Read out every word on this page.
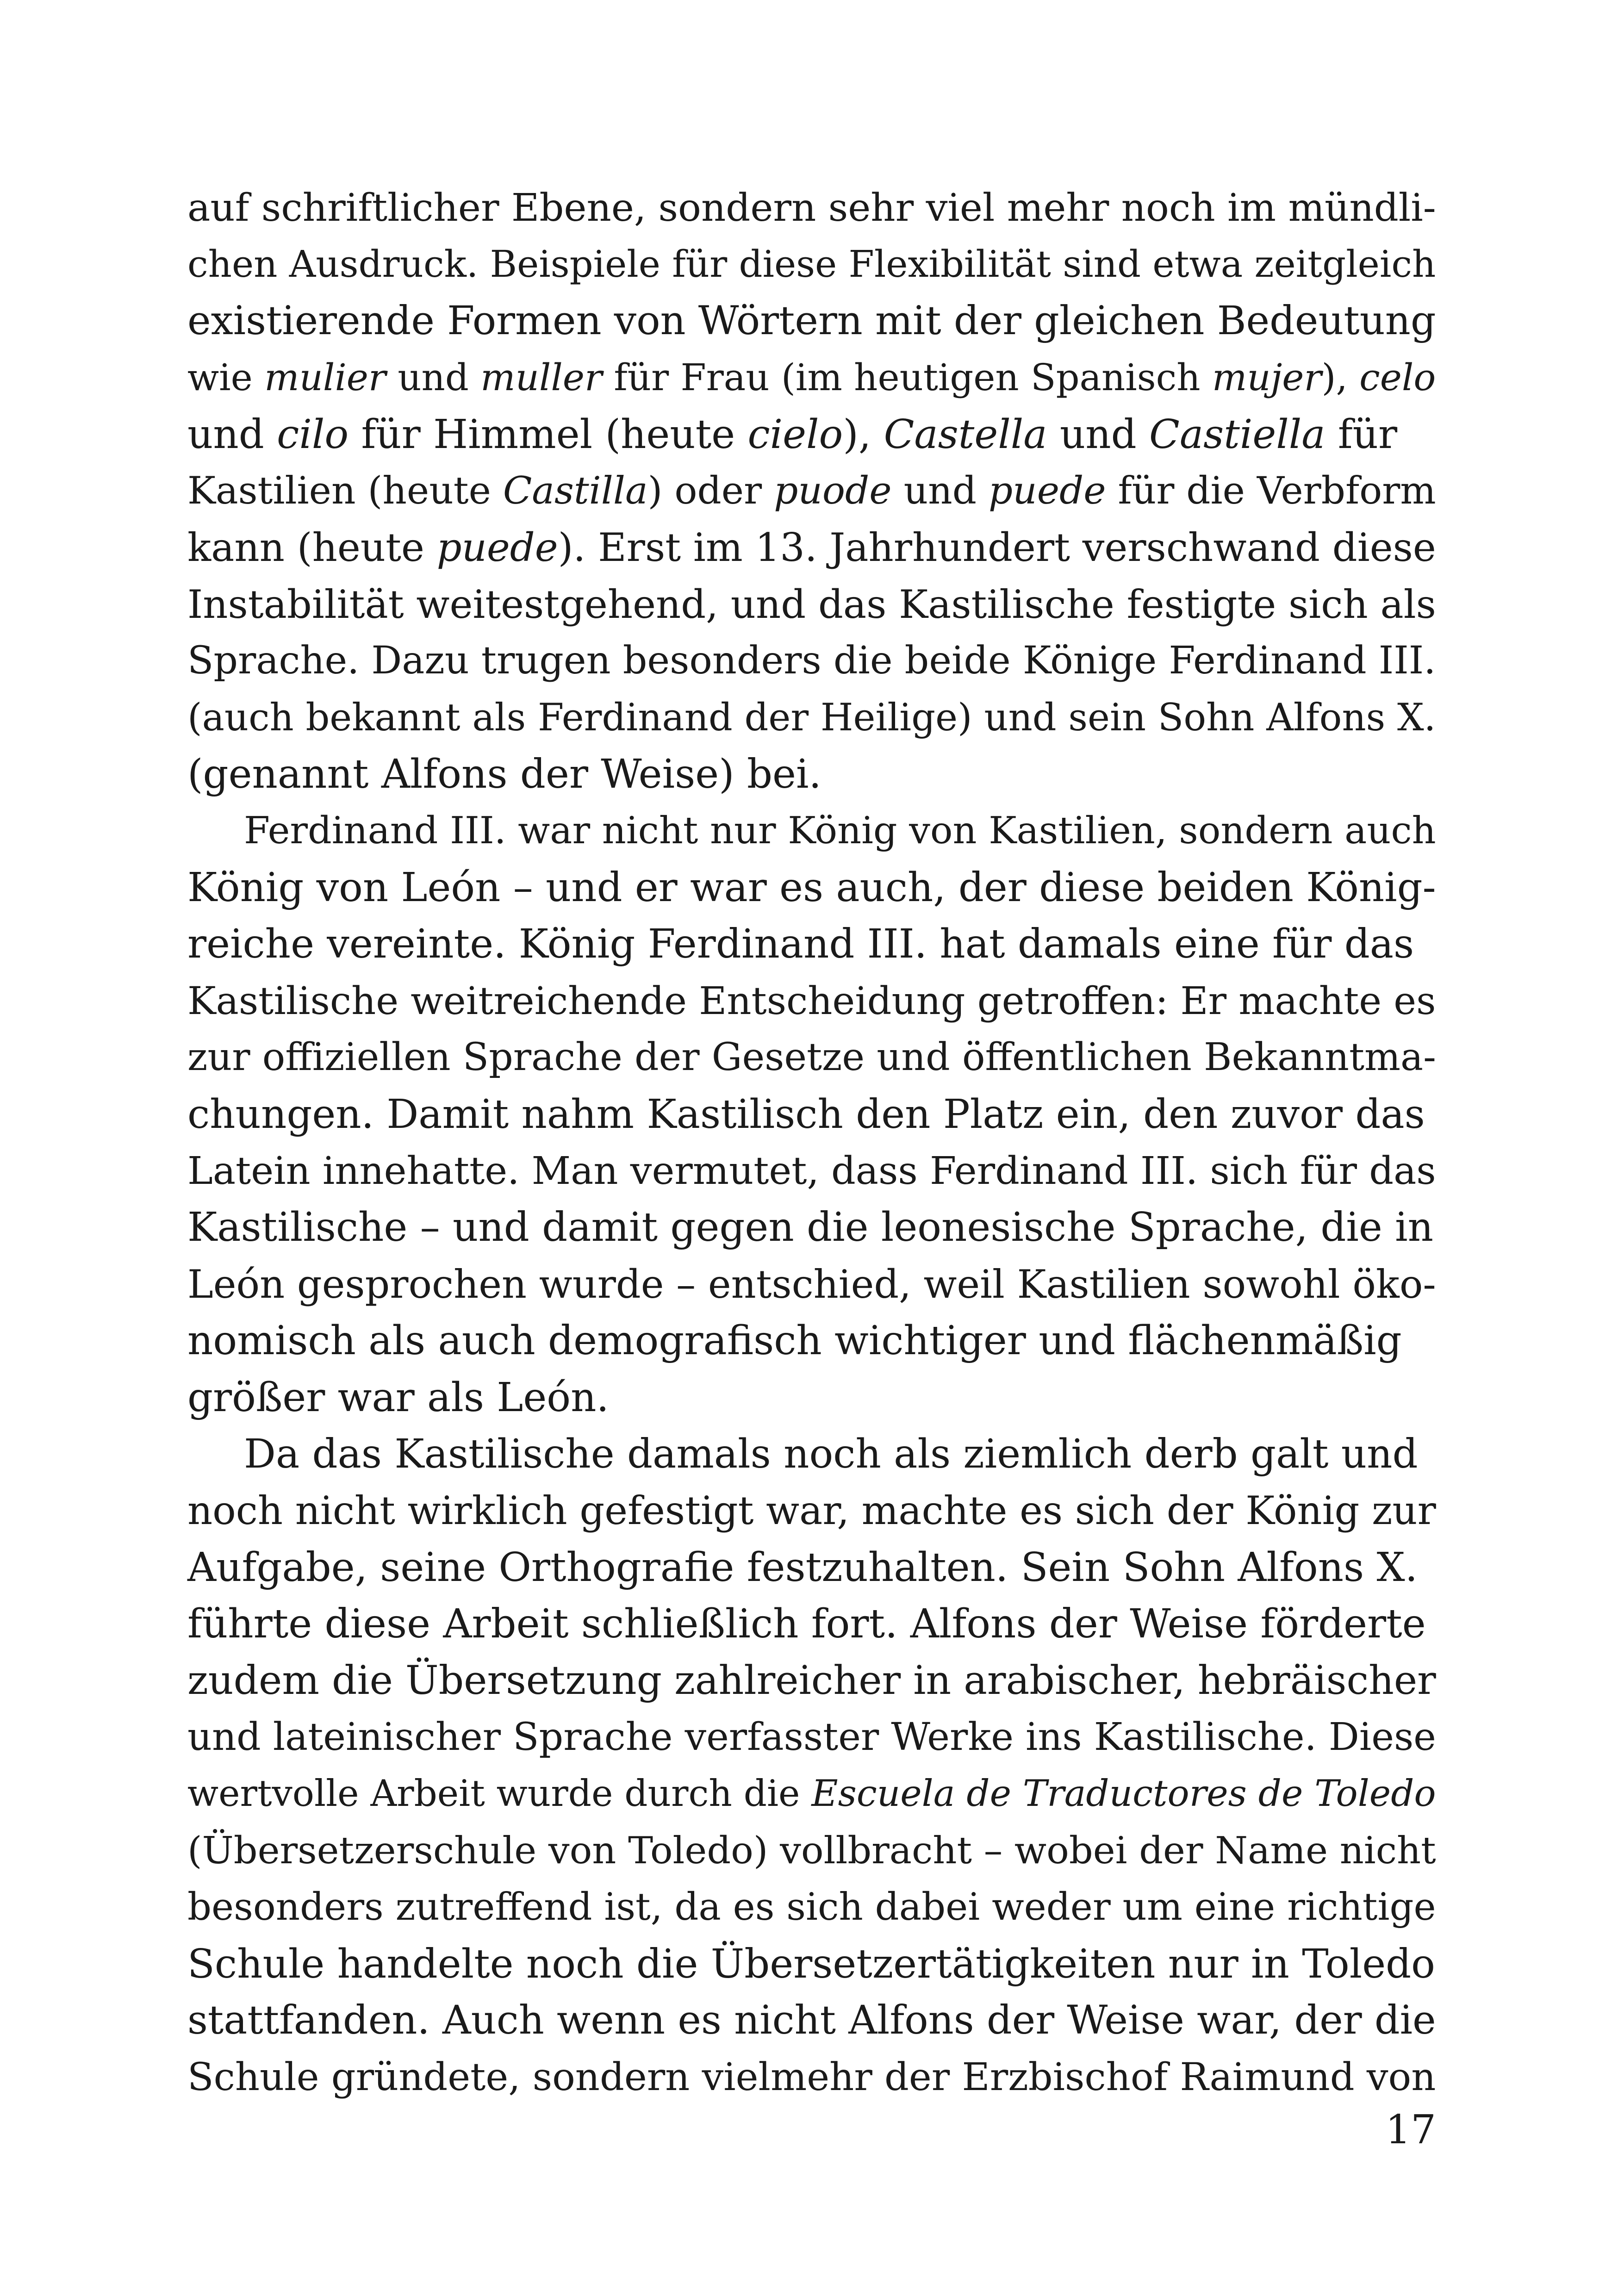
auf schriftlicher Ebene, sondern sehr viel mehr noch im mündli-
chen Ausdruck. Beispiele für diese Flexibilität sind etwa zeitgleich
existierende Formen von Wörtern mit der gleichen Bedeutung
wie mulier und muller für Frau (im heutigen Spanisch mujer), celo
und cilo für Himmel (heute cielo), Castella und Castiella für
Kastilien (heute Castilla) oder puode und puede für die Verbform
kann (heute puede). Erst im 13. Jahrhundert verschwand diese
Instabilität weitestgehend, und das Kastilische festigte sich als
Sprache. Dazu trugen besonders die beide Könige Ferdinand III.
(auch bekannt als Ferdinand der Heilige) und sein Sohn Alfons X.
(genannt Alfons der Weise) bei.
Ferdinand III. war nicht nur König von Kastilien, sondern auch
König von León – und er war es auch, der diese beiden König-
reiche vereinte. König Ferdinand III. hat damals eine für das
Kastilische weitreichende Entscheidung getroffen: Er machte es
zur offiziellen Sprache der Gesetze und öffentlichen Bekanntma-
chungen. Damit nahm Kastilisch den Platz ein, den zuvor das
Latein innehatte. Man vermutet, dass Ferdinand III. sich für das
Kastilische – und damit gegen die leonesische Sprache, die in
León gesprochen wurde – entschied, weil Kastilien sowohl öko-
nomisch als auch demografisch wichtiger und flächenmäßig
größer war als León.
Da das Kastilische damals noch als ziemlich derb galt und
noch nicht wirklich gefestigt war, machte es sich der König zur
Aufgabe, seine Orthografie festzuhalten. Sein Sohn Alfons X.
führte diese Arbeit schließlich fort. Alfons der Weise förderte
zudem die Übersetzung zahlreicher in arabischer, hebräischer
und lateinischer Sprache verfasster Werke ins Kastilische. Diese
wertvolle Arbeit wurde durch die Escuela de Traductores de Toledo
(Übersetzerschule von Toledo) vollbracht – wobei der Name nicht
besonders zutreffend ist, da es sich dabei weder um eine richtige
Schule handelte noch die Übersetzertätigkeiten nur in Toledo
stattfanden. Auch wenn es nicht Alfons der Weise war, der die
Schule gründete, sondern vielmehr der Erzbischof Raimund von
17
